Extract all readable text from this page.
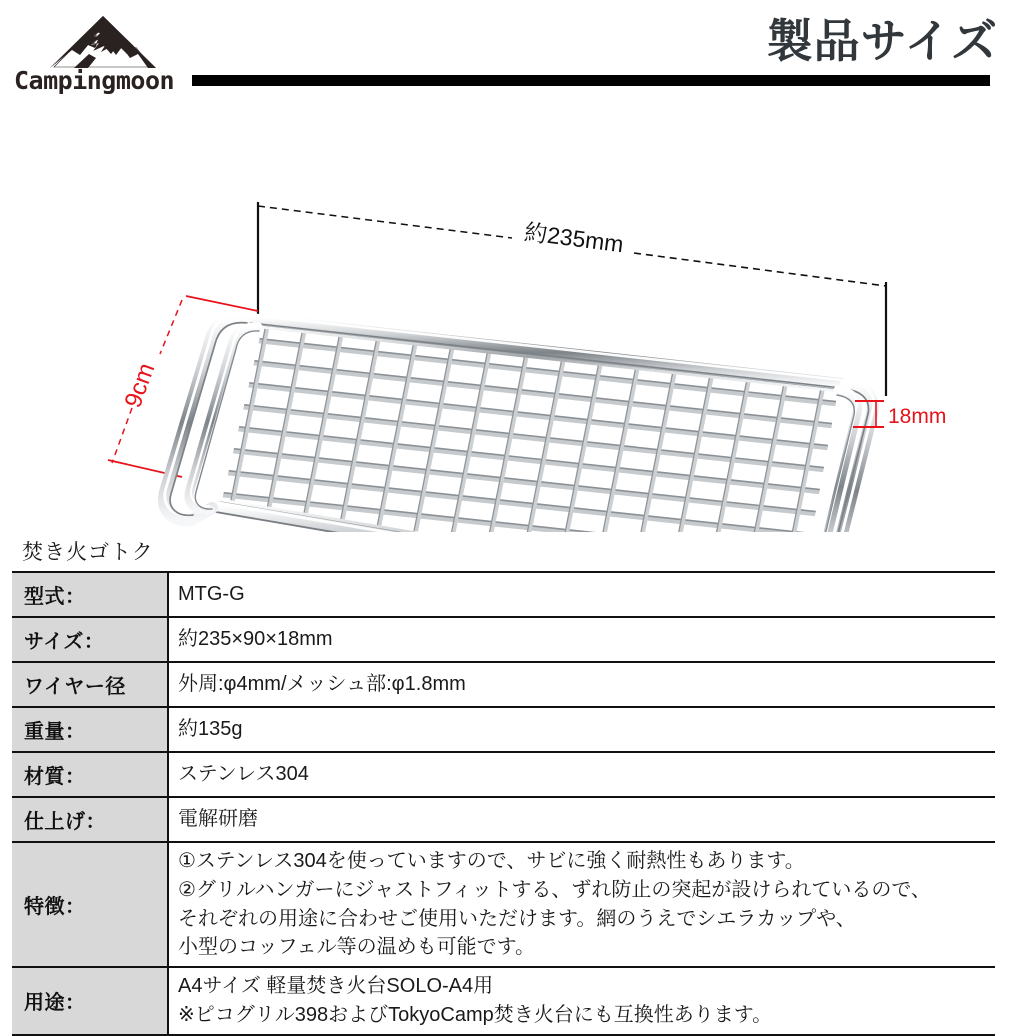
Campingmoon
製品サイズ
約235mm
9cm
18mm
焚き火ゴトク
型式：	MTG-G

サイズ：	約235×90×18mm

ワイヤー径	外周:φ4mm/メッシュ部:φ1.8mm

重量：	約135g

材質：	ステンレス304

仕上げ：	電解研磨

特徴：	①ステンレス304を使っていますので、サビに強く耐熱性もあります。
②グリルハンガーにジャストフィットする、ずれ防止の突起が設けられているので、
それぞれの用途に合わせご使用いただけます。網のうえでシエラカップや、
小型のコッフェル等の温めも可能です。

用途：	A4サイズ 軽量焚き火台SOLO-A4用
※ピコグリル398およびTokyoCamp焚き火台にも互換性あります。
